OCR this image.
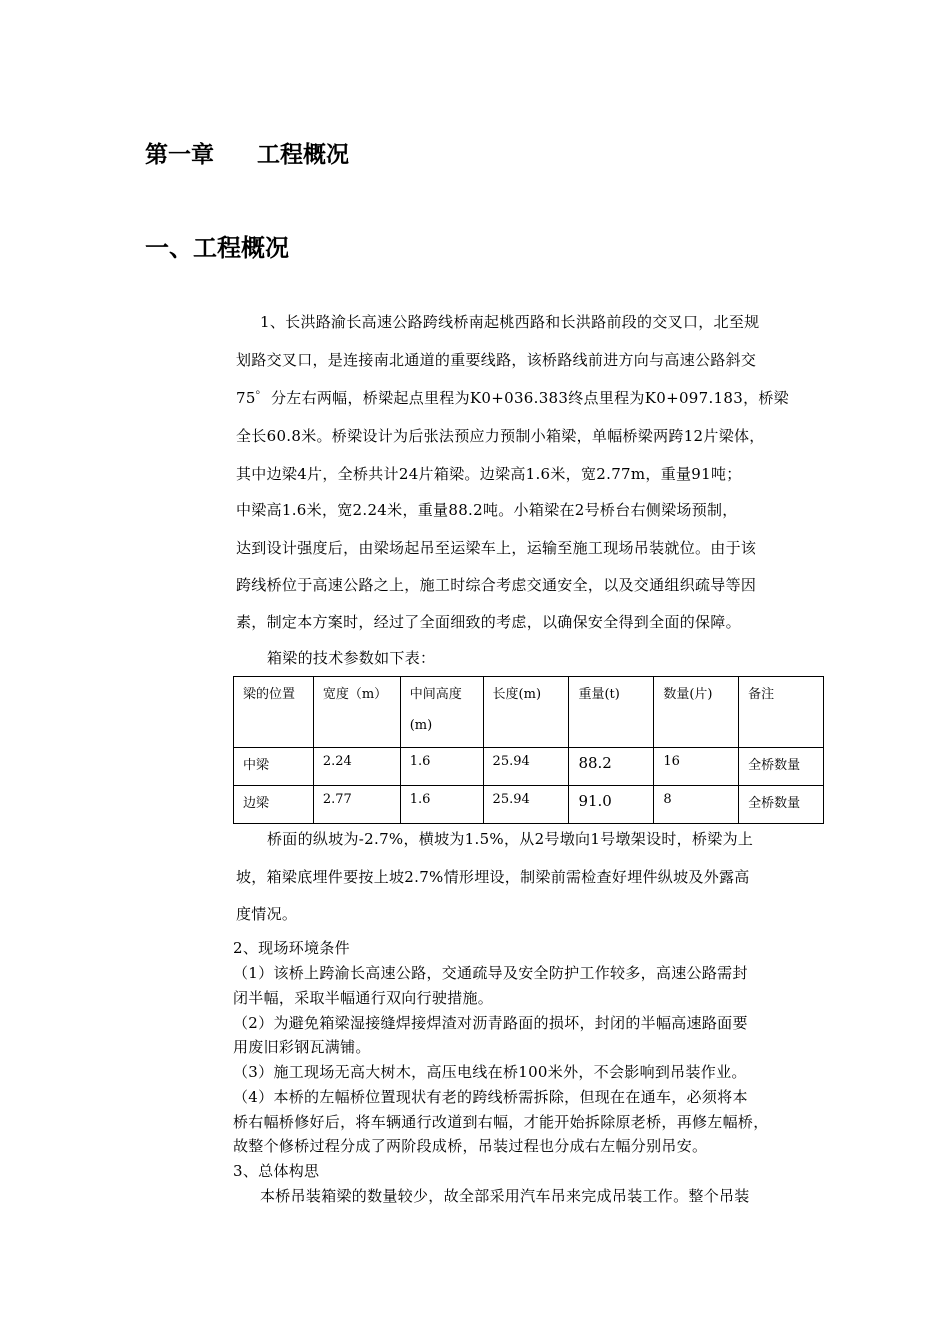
第一章 工程概况
一、工程概况
1、长洪路渝长高速公路跨线桥南起桃西路和长洪路前段的交叉口，北至规
划路交叉口，是连接南北通道的重要线路，该桥路线前进方向与高速公路斜交
75゜分左右两幅，桥梁起点里程为K0+036.383终点里程为K0+097.183，桥梁
全长60.8米。桥梁设计为后张法预应力预制小箱梁，单幅桥梁两跨12片梁体，
其中边梁4片，全桥共计24片箱梁。边梁高1.6米，宽2.77m，重量91吨；
中梁高1.6米，宽2.24米，重量88.2吨。小箱梁在2号桥台右侧梁场预制，
达到设计强度后，由梁场起吊至运梁车上，运输至施工现场吊装就位。由于该
跨线桥位于高速公路之上，施工时综合考虑交通安全，以及交通组织疏导等因
素，制定本方案时，经过了全面细致的考虑，以确保安全得到全面的保障。
箱梁的技术参数如下表：
梁的位置	宽度（m）	中间高度(m)	长度(m)	重量(t)	数量(片)	备注
中梁	2.24	1.6	25.94	88.2	16	全桥数量
边梁	2.77	1.6	25.94	91.0	8	全桥数量
桥面的纵坡为-2.7%，横坡为1.5%，从2号墩向1号墩架设时，桥梁为上
坡，箱梁底埋件要按上坡2.7%情形埋设，制梁前需检查好埋件纵坡及外露高
度情况。
2、现场环境条件
（1）该桥上跨渝长高速公路，交通疏导及安全防护工作较多，高速公路需封
闭半幅，采取半幅通行双向行驶措施。
（2）为避免箱梁湿接缝焊接焊渣对沥青路面的损坏，封闭的半幅高速路面要
用废旧彩钢瓦满铺。
（3）施工现场无高大树木，高压电线在桥100米外，不会影响到吊装作业。
（4）本桥的左幅桥位置现状有老的跨线桥需拆除，但现在在通车，必须将本
桥右幅桥修好后，将车辆通行改道到右幅，才能开始拆除原老桥，再修左幅桥，
故整个修桥过程分成了两阶段成桥，吊装过程也分成右左幅分别吊安。
3、总体构思
本桥吊装箱梁的数量较少，故全部采用汽车吊来完成吊装工作。整个吊装
